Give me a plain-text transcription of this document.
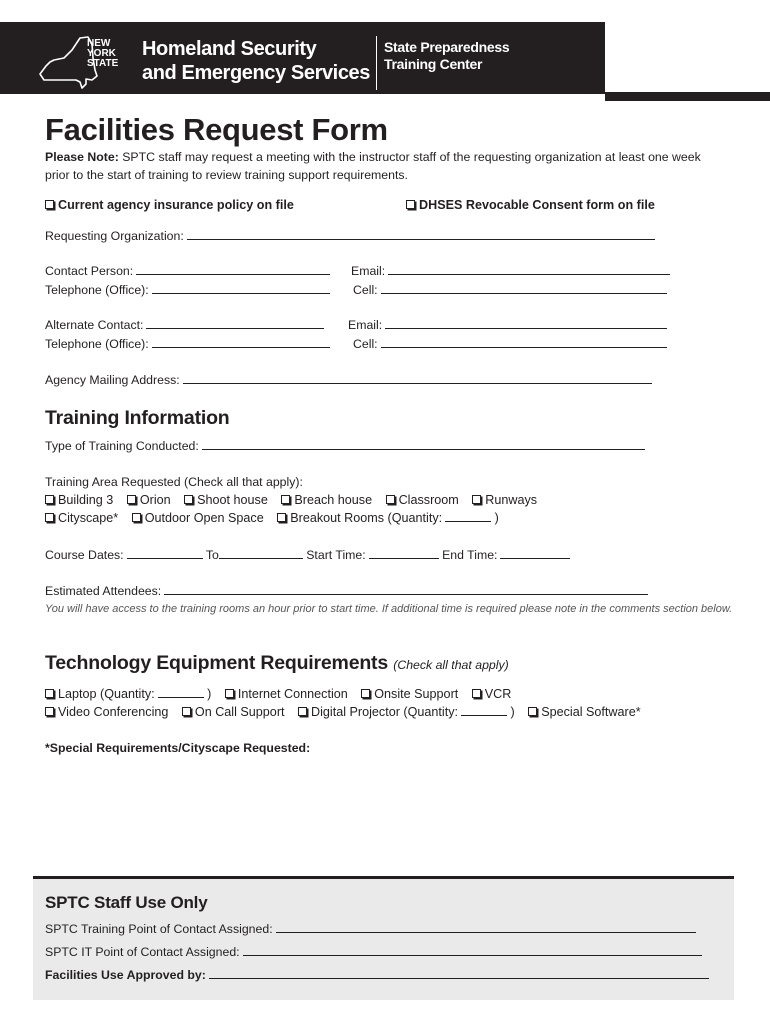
NEW
YORK
STATE
Homeland Security
and Emergency Services
State Preparedness
Training Center
Facilities Request Form
Please Note: SPTC staff may request a meeting with the instructor staff of the requesting organization at least one week prior to the start of training to review training support requirements.
Current agency insurance policy on file	DHSES Revocable Consent form on file
Requesting Organization:
Contact Person:	Email:
Telephone (Office):	Cell:
Alternate Contact:	Email:
Telephone (Office):	Cell:
Agency Mailing Address:
Training Information
Type of Training Conducted:
Training Area Requested (Check all that apply):
Building 3
Orion
Shoot house
Breach house
Classroom
Runways
Cityscape*
Outdoor Open Space
Breakout Rooms (Quantity:
	)
Course Dates:	To	Start Time:	End Time:
Estimated Attendees:
You will have access to the training rooms an hour prior to start time. If additional time is required please note in the comments section below.
Technology Equipment Requirements (Check all that apply)
Laptop (Quantity:
	)
Internet Connection
Onsite Support
VCR
Video Conferencing
On Call Support
Digital Projector (Quantity:
	)
Special Software*
*Special Requirements/Cityscape Requested:
SPTC Staff Use Only
SPTC Training Point of Contact Assigned:
SPTC IT Point of Contact Assigned:
Facilities Use Approved by:
